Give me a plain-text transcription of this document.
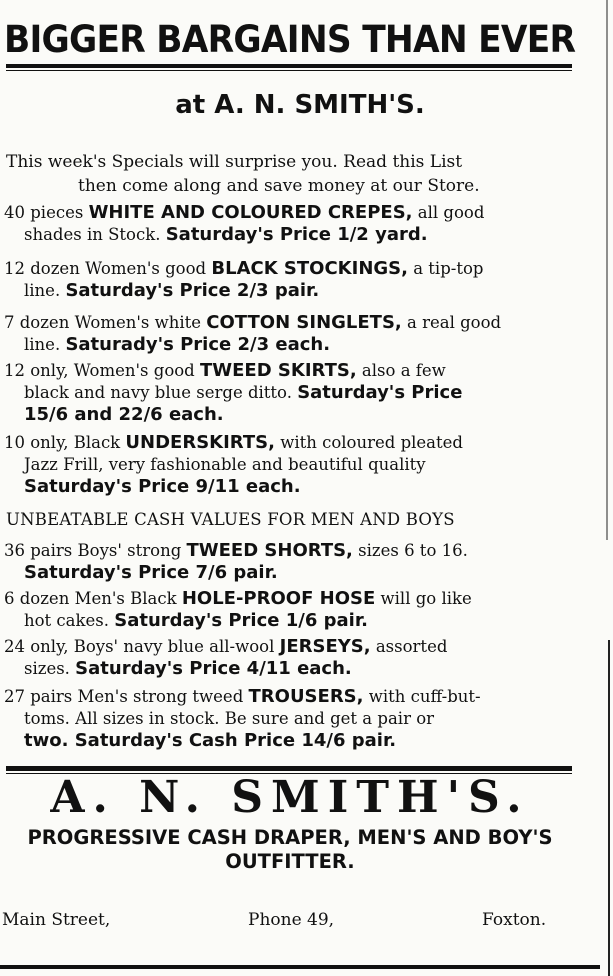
BIGGER BARGAINS THAN EVER
at A. N. SMITH'S.
This week's Specials will surprise you. Read this List
then come along and save money at our Store.
40 pieces WHITE AND COLOURED CREPES, all good
shades in Stock. Saturday's Price 1/2 yard.
12 dozen Women's good BLACK STOCKINGS, a tip-top
line. Saturday's Price 2/3 pair.
7 dozen Women's white COTTON SINGLETS, a real good
line. Saturady's Price 2/3 each.
12 only, Women's good TWEED SKIRTS, also a few
black and navy blue serge ditto. Saturday's Price
15/6 and 22/6 each.
10 only, Black UNDERSKIRTS, with coloured pleated
Jazz Frill, very fashionable and beautiful quality
Saturday's Price 9/11 each.
UNBEATABLE CASH VALUES FOR MEN AND BOYS
36 pairs Boys' strong TWEED SHORTS, sizes 6 to 16.
Saturday's Price 7/6 pair.
6 dozen Men's Black HOLE-PROOF HOSE will go like
hot cakes. Saturday's Price 1/6 pair.
24 only, Boys' navy blue all-wool JERSEYS, assorted
sizes. Saturday's Price 4/11 each.
27 pairs Men's strong tweed TROUSERS, with cuff-but-
toms. All sizes in stock. Be sure and get a pair or
two. Saturday's Cash Price 14/6 pair.
A. N. SMITH'S.
PROGRESSIVE CASH DRAPER, MEN'S AND BOY'S OUTFITTER.
Main Street,	Phone 49,	Foxton.
